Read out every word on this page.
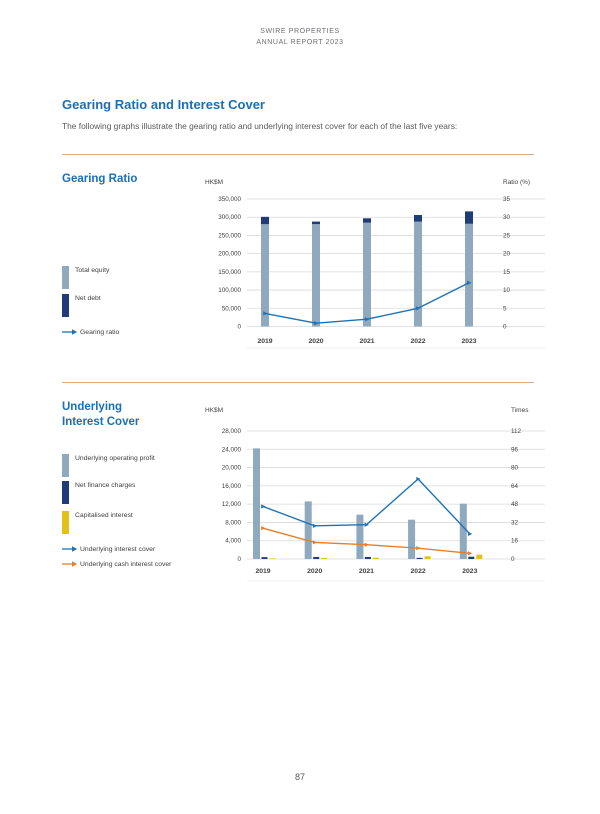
SWIRE PROPERTIES
ANNUAL REPORT 2023
Gearing Ratio and Interest Cover
The following graphs illustrate the gearing ratio and underlying interest cover for each of the last five years:
Gearing Ratio
Total equity
Net debt
Gearing ratio
350,000	35
300,000	30
250,000	25
200,000	20
150,000	15
100,000	10
50,000	5
0	0
HK$M	Ratio (%)
2019	2020	2021	2022	2023
Underlying Interest Cover
Underlying operating profit
Net finance charges
Capitalised interest
Underlying interest cover
Underlying cash interest cover
28,000	112
24,000	96
20,000	80
16,000	64
12,000	48
8,000	32
4,000	16
0	0
HK$M	Times
2019	2020	2021	2022	2023
87
